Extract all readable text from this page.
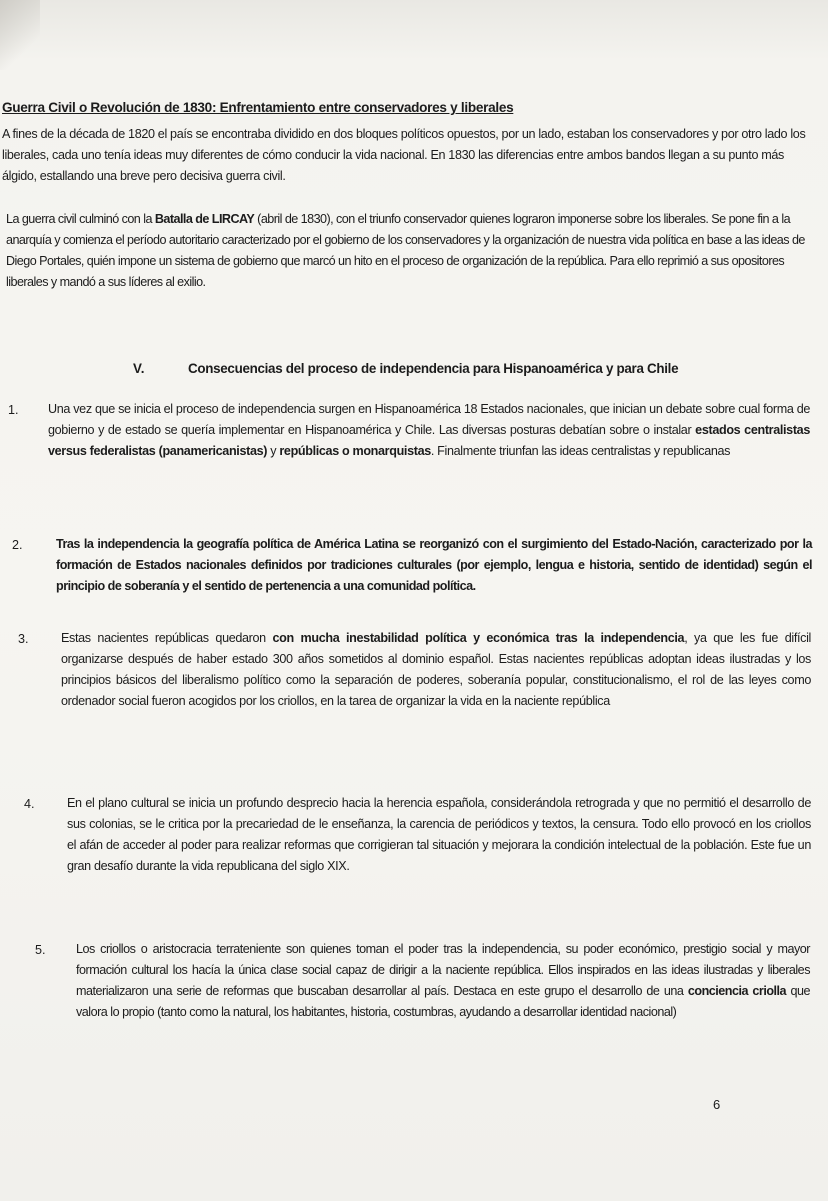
Guerra Civil o Revolución de 1830: Enfrentamiento entre conservadores y liberales
A fines de la década de 1820 el país se encontraba dividido en dos bloques políticos opuestos, por un lado, estaban los conservadores y por otro lado los liberales, cada uno tenía ideas muy diferentes de cómo conducir la vida nacional. En 1830 las diferencias entre ambos bandos llegan a su punto más álgido, estallando una breve pero decisiva guerra civil.
La guerra civil culminó con la Batalla de LIRCAY (abril de 1830), con el triunfo conservador quienes lograron imponerse sobre los liberales. Se pone fin a la anarquía y comienza el período autoritario caracterizado por el gobierno de los conservadores y la organización de nuestra vida política en base a las ideas de Diego Portales, quién impone un sistema de gobierno que marcó un hito en el proceso de organización de la república. Para ello reprimió a sus opositores liberales y mandó a sus líderes al exilio.
V.	Consecuencias del proceso de independencia para Hispanoamérica y para Chile
1. Una vez que se inicia el proceso de independencia surgen en Hispanoamérica 18 Estados nacionales, que inician un debate sobre cual forma de gobierno y de estado se quería implementar en Hispanoamérica y Chile. Las diversas posturas debatían sobre o instalar estados centralistas versus federalistas (panamericanistas) y repúblicas o monarquistas. Finalmente triunfan las ideas centralistas y republicanas
2.	Tras la independencia la geografía política de América Latina se reorganizó con el surgimiento del Estado-Nación, caracterizado por la formación de Estados nacionales definidos por tradiciones culturales (por ejemplo, lengua e historia, sentido de identidad) según el principio de soberanía y el sentido de pertenencia a una comunidad política.
3.	Estas nacientes repúblicas quedaron con mucha inestabilidad política y económica tras la independencia, ya que les fue difícil organizarse después de haber estado 300 años sometidos al dominio español. Estas nacientes repúblicas adoptan ideas ilustradas y los principios básicos del liberalismo político como la separación de poderes, soberanía popular, constitucionalismo, el rol de las leyes como ordenador social fueron acogidos por los criollos, en la tarea de organizar la vida en la naciente república
4.	En el plano cultural se inicia un profundo desprecio hacia la herencia española, considerándola retrograda y que no permitió el desarrollo de sus colonias, se le critica por la precariedad de le enseñanza, la carencia de periódicos y textos, la censura. Todo ello provocó en los criollos el afán de acceder al poder para realizar reformas que corrigieran tal situación y mejorara la condición intelectual de la población. Este fue un gran desafío durante la vida republicana del siglo XIX.
5. Los criollos o aristocracia terrateniente son quienes toman el poder tras la independencia, su poder económico, prestigio social y mayor formación cultural los hacía la única clase social capaz de dirigir a la naciente república. Ellos inspirados en las ideas ilustradas y liberales materializaron una serie de reformas que buscaban desarrollar al país. Destaca en este grupo el desarrollo de una conciencia criolla que valora lo propio (tanto como la natural, los habitantes, historia, costumbras, ayudando a desarrollar identidad nacional)
6
